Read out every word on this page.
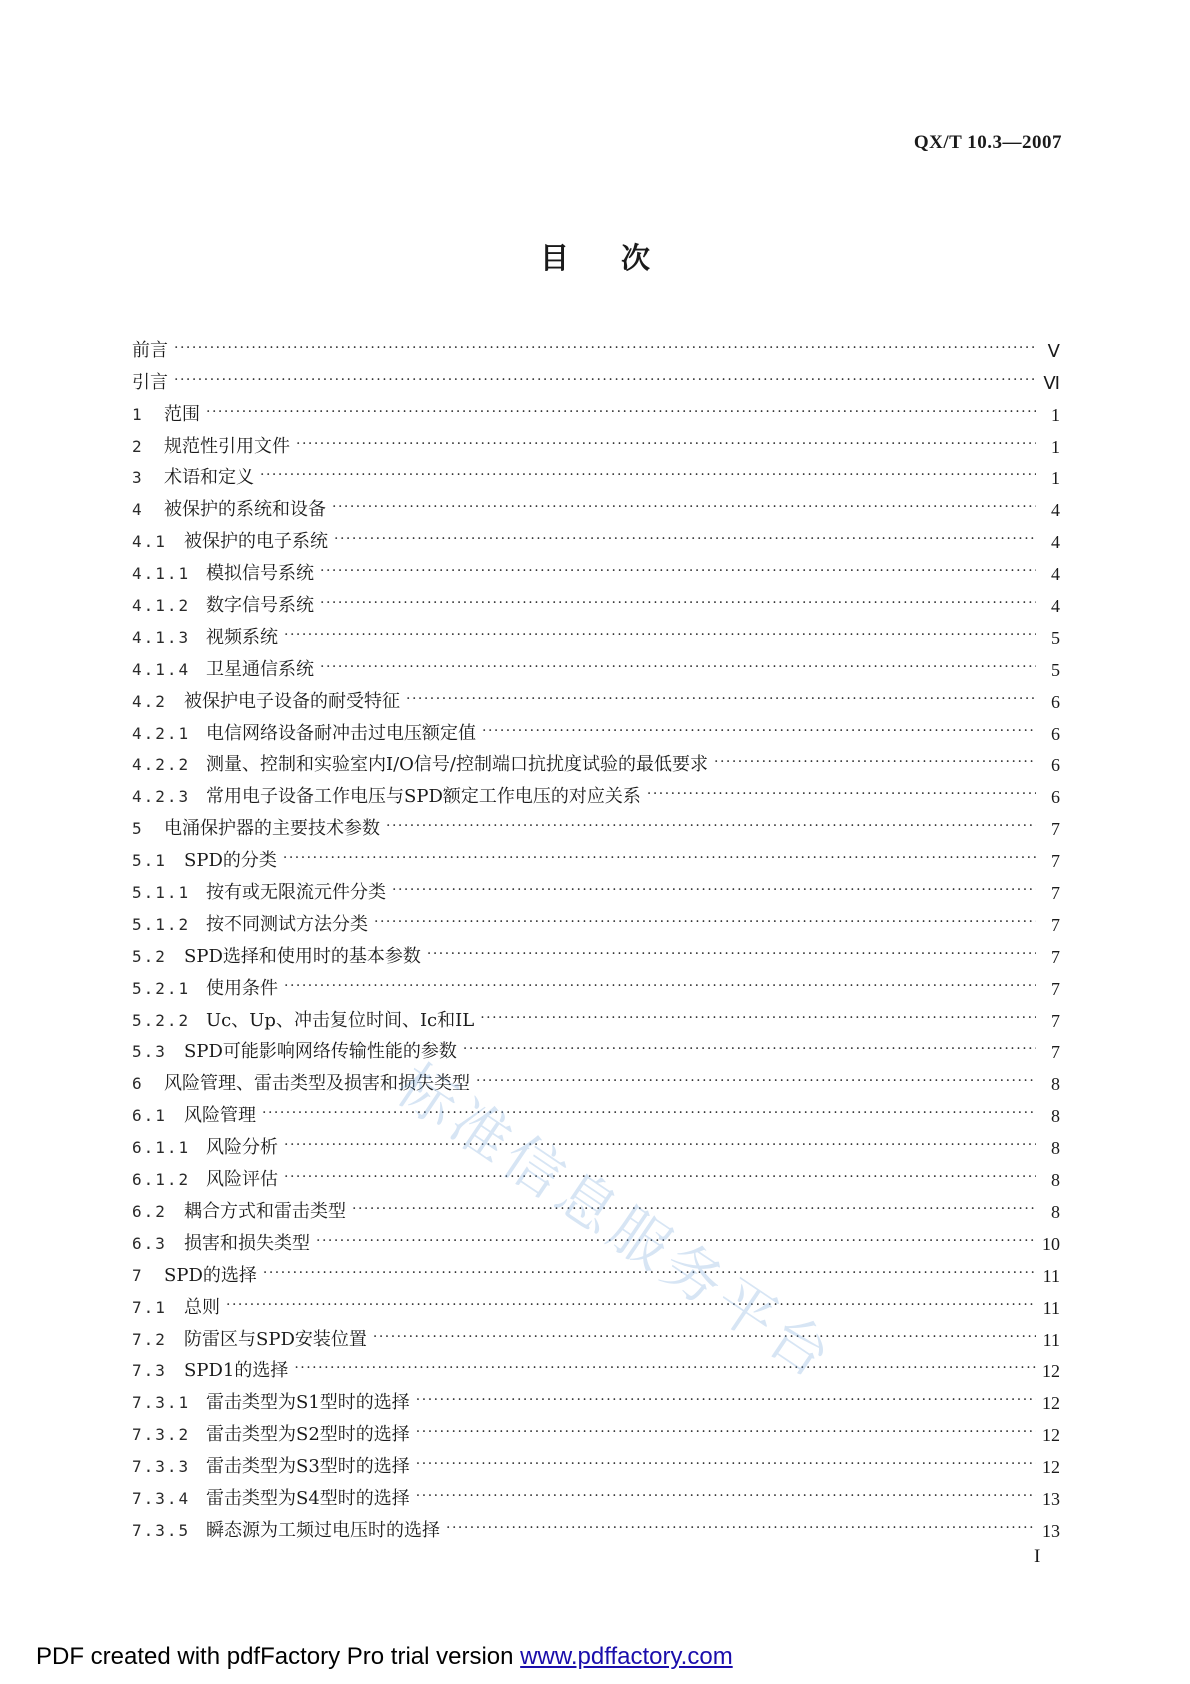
QX/T 10.3—2007
目次
前言 ·····	Ⅴ
引言 ·····	Ⅵ
1	范围 ·····	1
2	规范性引用文件 ·····	1
3	术语和定义 ·····	1
4	被保护的系统和设备 ·····	4
4.1 被保护的电子系统 ·····	4
4.1.1 模拟信号系统 ·····	4
4.1.2 数字信号系统 ·····	4
4.1.3 视频系统 ·····	5
4.1.4 卫星通信系统 ·····	5
4.2 被保护电子设备的耐受特征 ·····	6
4.2.1 电信网络设备耐冲击过电压额定值 ·····	6
4.2.2 测量、控制和实验室内I/O信号/控制端口抗扰度试验的最低要求 ·····	6
4.2.3 常用电子设备工作电压与SPD额定工作电压的对应关系 ·····	6
5	电涌保护器的主要技术参数 ·····	7
5.1 SPD的分类 ·····	7
5.1.1 按有或无限流元件分类 ·····	7
5.1.2 按不同测试方法分类 ·····	7
5.2 SPD选择和使用时的基本参数 ·····	7
5.2.1 使用条件 ·····	7
5.2.2 Uc、Up、冲击复位时间、Ic和IL ·····	7
5.3 SPD可能影响网络传输性能的参数 ·····	7
6	风险管理、雷击类型及损害和损失类型 ·····	8
6.1 风险管理 ·····	8
6.1.1 风险分析 ·····	8
6.1.2 风险评估 ·····	8
6.2 耦合方式和雷击类型 ·····	8
6.3 损害和损失类型 ·····	10
7	SPD的选择 ·····	11
7.1 总则 ·····	11
7.2 防雷区与SPD安装位置 ·····	11
7.3 SPD1的选择 ·····	12
7.3.1 雷击类型为S1型时的选择 ·····	12
7.3.2 雷击类型为S2型时的选择 ·····	12
7.3.3 雷击类型为S3型时的选择 ·····	12
7.3.4 雷击类型为S4型时的选择 ·····	13
7.3.5 瞬态源为工频过电压时的选择 ·····	13
I
标准信息服务平台
PDF created with pdfFactory Pro trial version www.pdffactory.com
